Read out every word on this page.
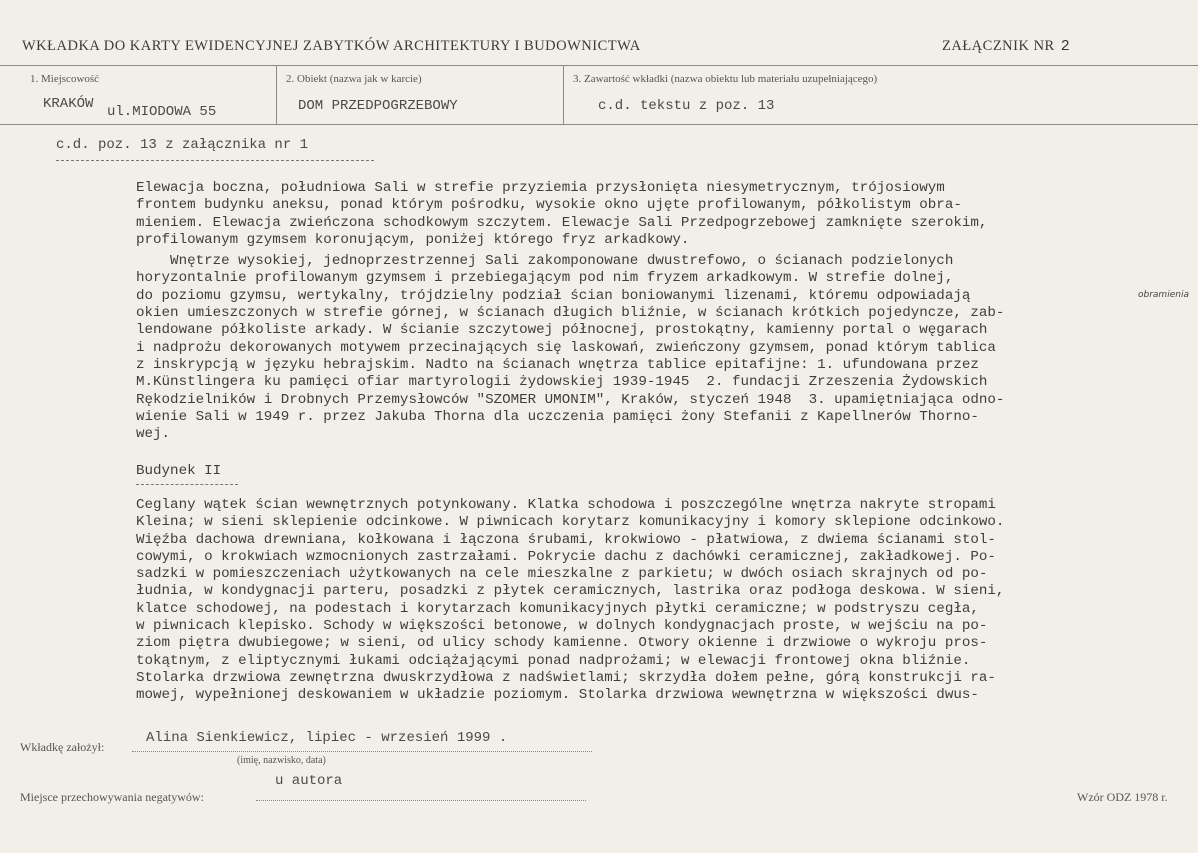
WKŁADKA DO KARTY EWIDENCYJNEJ ZABYTKÓW ARCHITEKTURY I BUDOWNICTWA	ZAŁĄCZNIK NR 2
1. Miejscowość
KRAKÓW ul.MIODOWA 55
2. Obiekt (nazwa jak w karcie)
DOM PRZEDPOGRZEBOWY
3. Zawartość wkładki (nazwa obiektu lub materiału uzupełniającego)
c.d. tekstu z poz. 13
c.d. poz. 13 z załącznika nr 1
Elewacja boczna, południowa Sali w strefie przyziemia przysłonięta niesymetrycznym, trójosiowym
frontem budynku aneksu, ponad którym pośrodku, wysokie okno ujęte profilowanym, półkolistym obra-
mieniem. Elewacja zwieńczona schodkowym szczytem. Elewacje Sali Przedpogrzebowej zamknięte szerokim,
profilowanym gzymsem koronującym, poniżej którego fryz arkadkowy.
Wnętrze wysokiej, jednoprzestrzennej Sali zakomponowane dwustrefowo, o ścianach podzielonych
horyzontalnie profilowanym gzymsem i przebiegającym pod nim fryzem arkadkowym. W strefie dolnej,
do poziomu gzymsu, wertykalny, trójdzielny podział ścian boniowanymi lizenami, któremu odpowiadają
okien umieszczonych w strefie górnej, w ścianach długich bliźnie, w ścianach krótkich pojedyncze, zab-
lendowane półkoliste arkady. W ścianie szczytowej północnej, prostokątny, kamienny portal o węgarach
i nadprożu dekorowanych motywem przecinających się laskowań, zwieńczony gzymsem, ponad którym tablica
z inskrypcją w języku hebrajskim. Nadto na ścianach wnętrza tablice epitafijne: 1. ufundowana przez
M.Künstlingera ku pamięci ofiar martyrologii żydowskiej 1939-1945  2. fundacji Zrzeszenia Żydowskich
Rękodzielników i Drobnych Przemysłowców "SZOMER UMONIM", Kraków, styczeń 1948  3. upamiętniająca odno-
wienie Sali w 1949 r. przez Jakuba Thorna dla uczczenia pamięci żony Stefanii z Kapellnerów Thorno-
wej.
obramienia
Budynek II
Ceglany wątek ścian wewnętrznych potynkowany. Klatka schodowa i poszczególne wnętrza nakryte stropami
Kleina; w sieni sklepienie odcinkowe. W piwnicach korytarz komunikacyjny i komory sklepione odcinkowo.
Więźba dachowa drewniana, kołkowana i łączona śrubami, krokwiowo - płatwiowa, z dwiema ścianami stol-
cowymi, o krokwiach wzmocnionych zastrzałami. Pokrycie dachu z dachówki ceramicznej, zakładkowej. Po-
sadzki w pomieszczeniach użytkowanych na cele mieszkalne z parkietu; w dwóch osiach skrajnych od po-
łudnia, w kondygnacji parteru, posadzki z płytek ceramicznych, lastrika oraz podłoga deskowa. W sieni,
klatce schodowej, na podestach i korytarzach komunikacyjnych płytki ceramiczne; w podstryszu cegła,
w piwnicach klepisko. Schody w większości betonowe, w dolnych kondygnacjach proste, w wejściu na po-
ziom piętra dwubiegowe; w sieni, od ulicy schody kamienne. Otwory okienne i drzwiowe o wykroju pros-
tokątnym, z eliptycznymi łukami odciążającymi ponad nadprożami; w elewacji frontowej okna bliźnie.
Stolarka drzwiowa zewnętrzna dwuskrzydłowa z nadświetlami; skrzydła dołem pełne, górą konstrukcji ra-
mowej, wypełnionej deskowaniem w układzie poziomym. Stolarka drzwiowa wewnętrzna w większości dwus-
Wkładkę założył:
Alina Sienkiewicz, lipiec - wrzesień 1999 .
(imię, nazwisko, data)
Miejsce przechowywania negatywów:
u autora
Wzór ODZ 1978 r.
